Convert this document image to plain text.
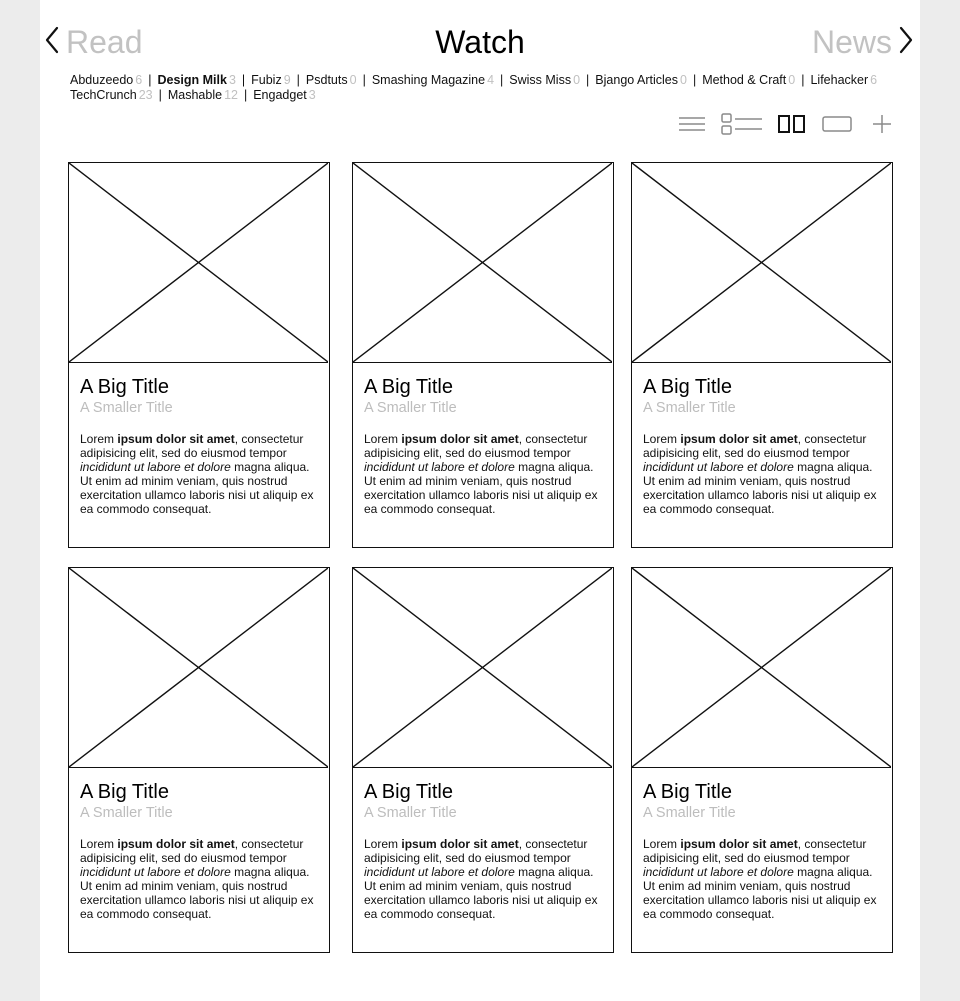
Read	Watch	News
Abduzeedo 6 | Design Milk 3 | Fubiz 9 | Psdtuts 0 | Smashing Magazine 4 | Swiss Miss 0 | Bjango Articles 0 | Method & Craft 0 | Lifehacker 6
TechCrunch 23 | Mashable 12 | Engadget 3
A Big Title
A Smaller Title
Lorem ipsum dolor sit amet, consectetur adipisicing elit, sed do eiusmod tempor incididunt ut labore et dolore magna aliqua. Ut enim ad minim veniam, quis nostrud exercitation ullamco laboris nisi ut aliquip ex ea commodo consequat.
A Big Title
A Smaller Title
Lorem ipsum dolor sit amet, consectetur adipisicing elit, sed do eiusmod tempor incididunt ut labore et dolore magna aliqua. Ut enim ad minim veniam, quis nostrud exercitation ullamco laboris nisi ut aliquip ex ea commodo consequat.
A Big Title
A Smaller Title
Lorem ipsum dolor sit amet, consectetur adipisicing elit, sed do eiusmod tempor incididunt ut labore et dolore magna aliqua. Ut enim ad minim veniam, quis nostrud exercitation ullamco laboris nisi ut aliquip ex ea commodo consequat.
A Big Title
A Smaller Title
Lorem ipsum dolor sit amet, consectetur adipisicing elit, sed do eiusmod tempor incididunt ut labore et dolore magna aliqua. Ut enim ad minim veniam, quis nostrud exercitation ullamco laboris nisi ut aliquip ex ea commodo consequat.
A Big Title
A Smaller Title
Lorem ipsum dolor sit amet, consectetur adipisicing elit, sed do eiusmod tempor incididunt ut labore et dolore magna aliqua. Ut enim ad minim veniam, quis nostrud exercitation ullamco laboris nisi ut aliquip ex ea commodo consequat.
A Big Title
A Smaller Title
Lorem ipsum dolor sit amet, consectetur adipisicing elit, sed do eiusmod tempor incididunt ut labore et dolore magna aliqua. Ut enim ad minim veniam, quis nostrud exercitation ullamco laboris nisi ut aliquip ex ea commodo consequat.
